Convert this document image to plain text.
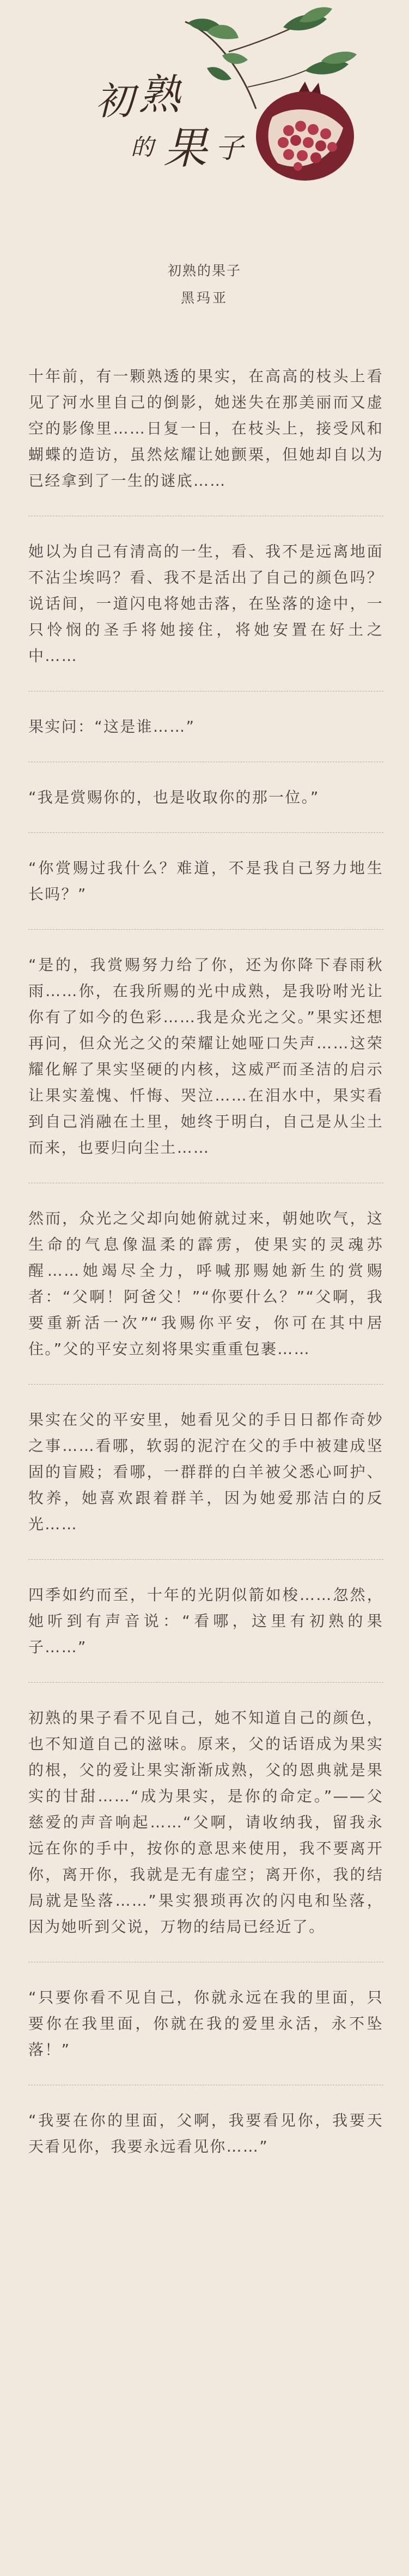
初 熟
的 果 子

初熟的果子

黑玛亚

十年前，有一颗熟透的果实，在高高的枝头上看见了河水里自己的倒影，她迷失在那美丽而又虚空的影像里……日复一日，在枝头上，接受风和蝴蝶的造访，虽然炫耀让她颤栗，但她却自以为已经拿到了一生的谜底……

她以为自己有清高的一生，看、我不是远离地面不沾尘埃吗？看、我不是活出了自己的颜色吗？说话间，一道闪电将她击落，在坠落的途中，一只怜悯的圣手将她接住，将她安置在好土之中……

果实问：“这是谁……”

“我是赏赐你的，也是收取你的那一位。”

“你赏赐过我什么？难道，不是我自己努力地生长吗？”

“是的，我赏赐努力给了你，还为你降下春雨秋雨……你，在我所赐的光中成熟，是我吩咐光让你有了如今的色彩……我是众光之父。”果实还想再问，但众光之父的荣耀让她哑口失声……这荣耀化解了果实坚硬的内核，这威严而圣洁的启示让果实羞愧、忏悔、哭泣……在泪水中，果实看到自己消融在土里，她终于明白，自己是从尘土而来，也要归向尘土……

然而，众光之父却向她俯就过来，朝她吹气，这生命的气息像温柔的霹雳，使果实的灵魂苏醒……她竭尽全力，呼喊那赐她新生的赏赐者：“父啊！阿爸父！”“你要什么？”“父啊，我要重新活一次”“我赐你平安，你可在其中居住。”父的平安立刻将果实重重包裹……

果实在父的平安里，她看见父的手日日都作奇妙之事……看哪，软弱的泥泞在父的手中被建成坚固的盲殿；看哪，一群群的白羊被父悉心呵护、牧养，她喜欢跟着群羊，因为她爱那洁白的反光……

四季如约而至，十年的光阴似箭如梭……忽然，她听到有声音说：“看哪，这里有初熟的果子……”

初熟的果子看不见自己，她不知道自己的颜色，也不知道自己的滋味。原来，父的话语成为果实的根，父的爱让果实渐渐成熟，父的恩典就是果实的甘甜……“成为果实，是你的命定。”——父慈爱的声音响起……“父啊，请收纳我，留我永远在你的手中，按你的意思来使用，我不要离开你，离开你，我就是无有虚空；离开你，我的结局就是坠落……”果实猥琐再次的闪电和坠落，因为她听到父说，万物的结局已经近了。

“只要你看不见自己，你就永远在我的里面，只要你在我里面，你就在我的爱里永活，永不坠落！”

“我要在你的里面，父啊，我要看见你，我要天天看见你，我要永远看见你……”
